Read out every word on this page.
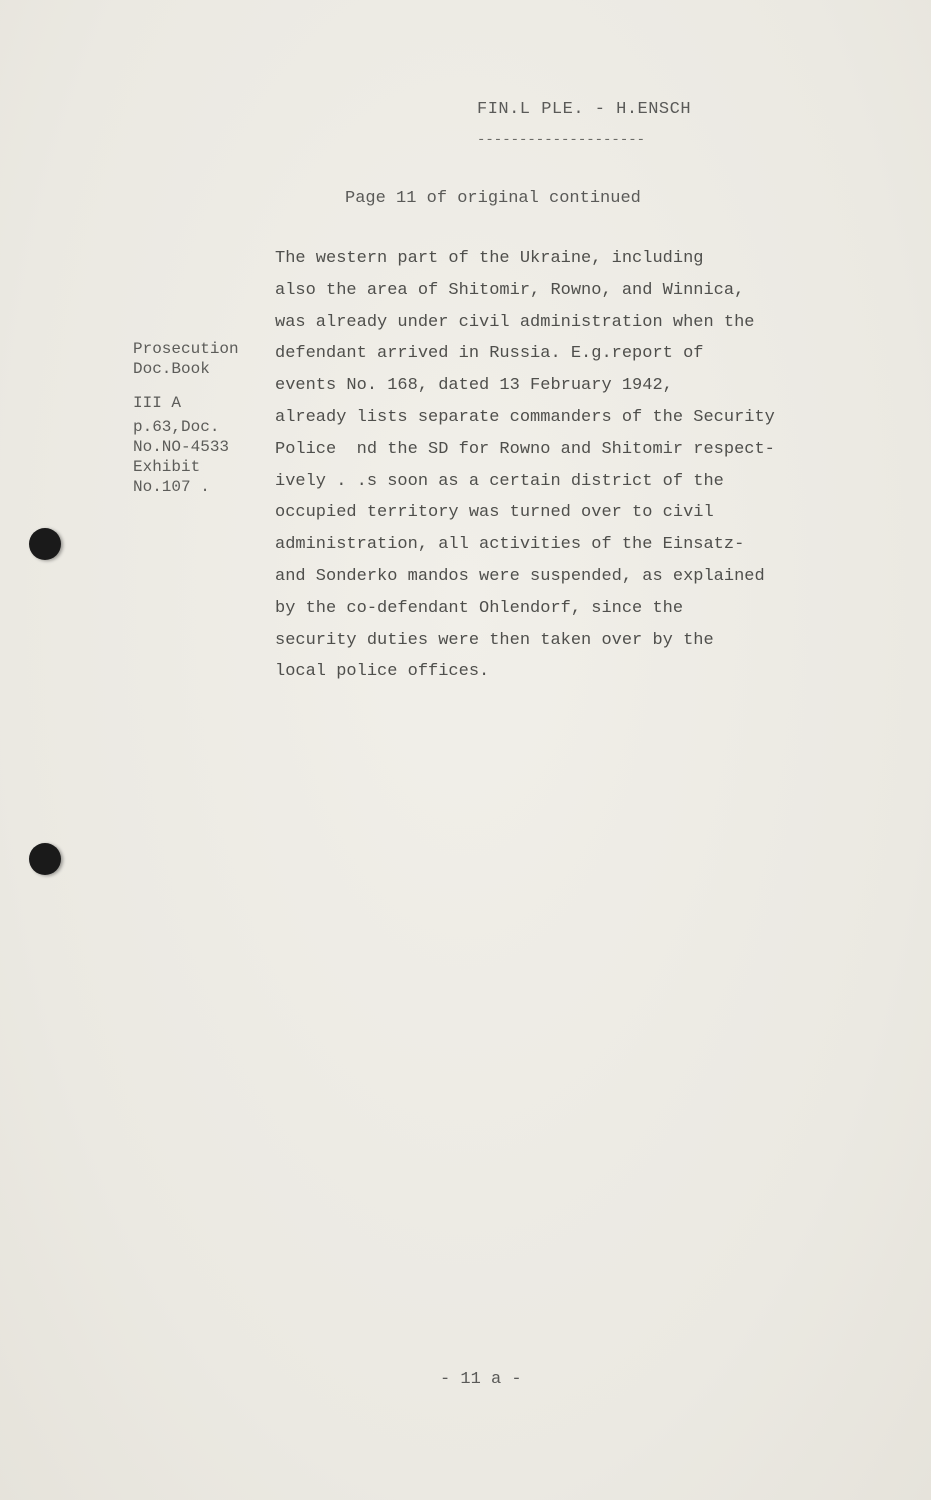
FIN.L PLE. - H.ENSCH
--------------------
Page 11 of original continued
Prosecution
Doc.Book
III A
p.63,Doc.
No.NO-4533
Exhibit
No.107 .
The western part of the Ukraine, including
also the area of Shitomir, Rowno, and Winnica,
was already under civil administration when the
defendant arrived in Russia. E.g.report of
events No. 168, dated 13 February 1942,
already lists separate commanders of the Security
Police  nd the SD for Rowno and Shitomir respect-
ively . .s soon as a certain district of the
occupied territory was turned over to civil
administration, all activities of the Einsatz-
and Sonderko mandos were suspended, as explained
by the co-defendant Ohlendorf, since the
security duties were then taken over by the
local police offices.
- 11 a -
